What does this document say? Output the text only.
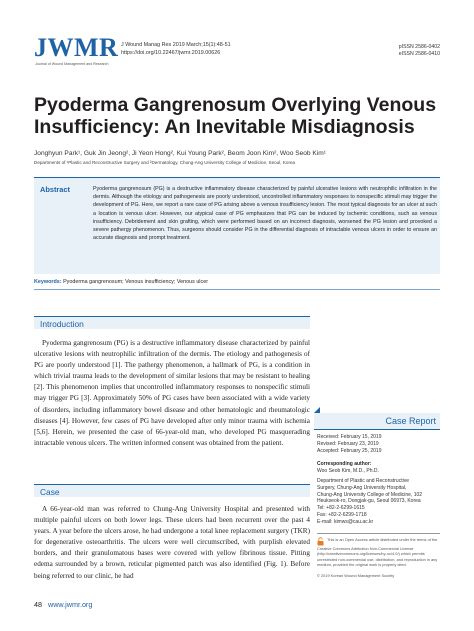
JWMR
Journal of Wound Management and Research
J Wound Manag Res 2019 March;15(1):48-51
https://doi.org/10.22467/jwmr.2019.00626
pISSN 2586-0402
eISSN 2586-0410
Pyoderma Gangrenosum Overlying Venous Insufficiency: An Inevitable Misdiagnosis
Jonghyun Park¹, Guk Jin Jeong², Ji Yeon Hong², Kui Young Park², Beom Joon Kim², Woo Seob Kim¹
Departments of ¹Plastic and Reconstructive Surgery and ²Dermatology, Chung-Ang University College of Medicine, Seoul, Korea
Abstract	Pyoderma gangrenosum (PG) is a destructive inflammatory disease characterized by painful ulcerative lesions with neutrophilic infiltration in the dermis. Although the etiology and pathogenesis are poorly understood, uncontrolled inflammatory responses to nonspecific stimuli may trigger the development of PG. Here, we report a rare case of PG arising above a venous insufficiency lesion. The most typical diagnosis for an ulcer at such a location is venous ulcer. However, our atypical case of PG emphasizes that PG can be induced by ischemic conditions, such as venous insufficiency. Debridement and skin grafting, which were performed based on an incorrect diagnosis, worsened the PG lesion and provoked a severe pathergy phenomenon. Thus, surgeons should consider PG in the differential diagnosis of intractable venous ulcers in order to ensure an accurate diagnosis and prompt treatment.
Keywords: Pyoderma gangrenosum; Venous insufficiency; Venous ulcer
Introduction

Pyoderma gangrenosum (PG) is a destructive inflammatory disease characterized by painful ulcerative lesions with neutrophilic infiltration of the dermis. The etiology and pathogenesis of PG are poorly understood [1]. The pathergy phenomenon, a hallmark of PG, is a condition in which trivial trauma leads to the development of similar lesions that may be resistant to healing [2]. This phenomenon implies that uncontrolled inflammatory responses to nonspecific stimuli may trigger PG [3]. Approximately 50% of PG cases have been associated with a wide variety of disorders, including inflammatory bowel disease and other hematologic and rheumatologic diseases [4]. However, few cases of PG have developed after only minor trauma with ischemia [5,6]. Herein, we presented the case of 66-year-old man, who developed PG masquerading intractable venous ulcers. The written informed consent was obtained from the patient.

Case Report
Received: February 15, 2019
Revised: February 23, 2019
Accepted: February 25, 2019
Corresponding author:
Woo Seob Kim, M.D., Ph.D.
Department of Plastic and Reconstructive
Surgery, Chung-Ang University Hospital,
Chung-Ang University College of Medicine, 102
Heukseok-ro, Dongjak-gu, Seoul 06973, Korea
Tel: +82-2-6299-1615
Fax: +82-2-6299-1718
E-mail: kimws@cau.ac.kr
This is an Open Access article distributed under the terms of the Creative Commons Attribution Non-Commercial License (http://creativecommons.org/licenses/by-nc/4.0/) which permits unrestricted non-commercial use, distribution, and reproduction in any medium, provided the original work is properly cited.
© 2019 Korean Wound Management Society
Case

A 66-year-old man was referred to Chung-Ang University Hospital and presented with multiple painful ulcers on both lower legs. These ulcers had been recurrent over the past 4 years. A year before the ulcers arose, he had undergone a total knee replacement surgery (TKR) for degenerative osteoarthritis. The ulcers were well circumscribed, with purplish elevated borders, and their granulomatous bases were covered with yellow fibrinous tissue. Pitting edema surrounded by a brown, reticular pigmented patch was also identified (Fig. 1). Before being referred to our clinic, he had

48 www.jwmr.org
